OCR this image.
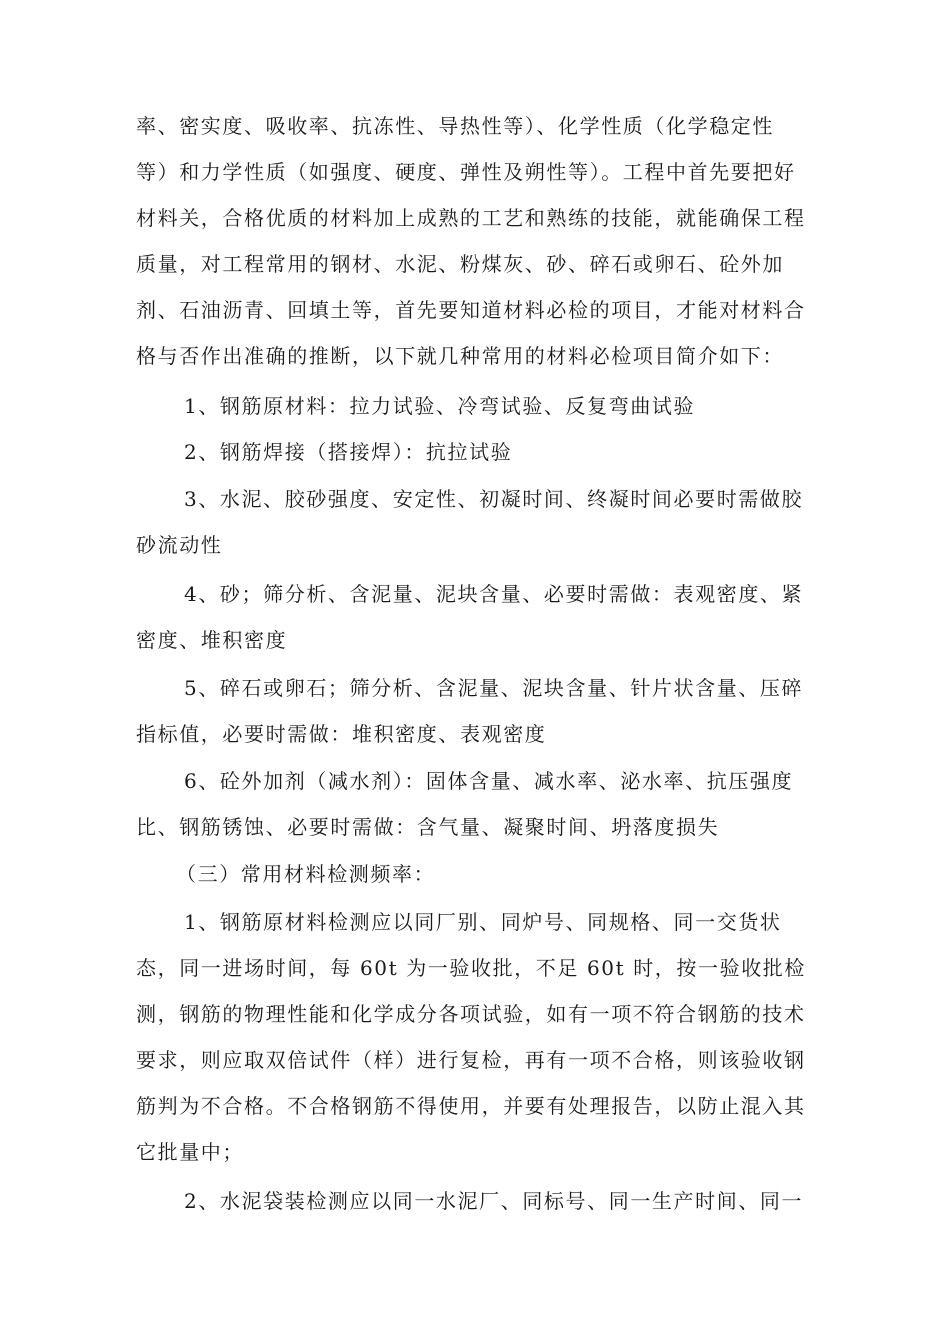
率、密实度、吸收率、抗冻性、导热性等）、化学性质（化学稳定性
等）和力学性质（如强度、硬度、弹性及朔性等）。工程中首先要把好
材料关，合格优质的材料加上成熟的工艺和熟练的技能，就能确保工程
质量，对工程常用的钢材、水泥、粉煤灰、砂、碎石或卵石、砼外加
剂、石油沥青、回填土等，首先要知道材料必检的项目，才能对材料合
格与否作出准确的推断，以下就几种常用的材料必检项目简介如下：
1、钢筋原材料：拉力试验、冷弯试验、反复弯曲试验
2、钢筋焊接（搭接焊）：抗拉试验
3、水泥、胶砂强度、安定性、初凝时间、终凝时间必要时需做胶
砂流动性
4、砂；筛分析、含泥量、泥块含量、必要时需做：表观密度、紧
密度、堆积密度
5、碎石或卵石；筛分析、含泥量、泥块含量、针片状含量、压碎
指标值，必要时需做：堆积密度、表观密度
6、砼外加剂（减水剂）：固体含量、减水率、泌水率、抗压强度
比、钢筋锈蚀、必要时需做：含气量、凝聚时间、坍落度损失
（三）常用材料检测频率：
1、钢筋原材料检测应以同厂别、同炉号、同规格、同一交货状
态，同一进场时间，每 60t 为一验收批，不足 60t 时，按一验收批检
测，钢筋的物理性能和化学成分各项试验，如有一项不符合钢筋的技术
要求，则应取双倍试件（样）进行复检，再有一项不合格，则该验收钢
筋判为不合格。不合格钢筋不得使用，并要有处理报告，以防止混入其
它批量中；
2、水泥袋装检测应以同一水泥厂、同标号、同一生产时间、同一
